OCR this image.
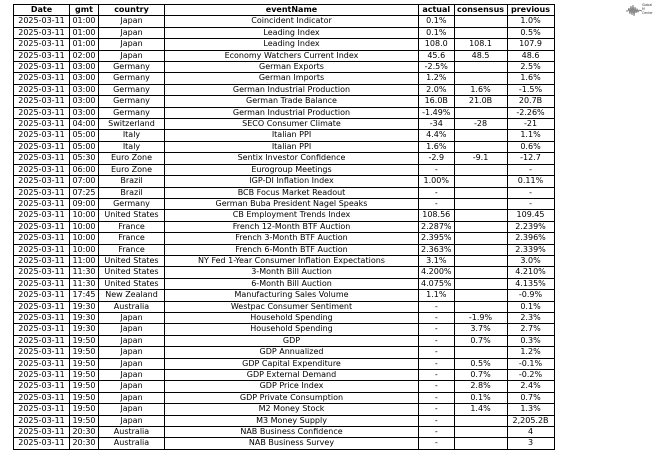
Date	gmt	country	eventName	actual	consensus	previous
2025-03-11	01:00	Japan	Coincident Indicator	0.1%		1.0%
2025-03-11	01:00	Japan	Leading Index	0.1%		0.5%
2025-03-11	01:00	Japan	Leading Index	108.0	108.1	107.9
2025-03-11	02:00	Japan	Economy Watchers Current Index	45.6	48.5	48.6
2025-03-11	03:00	Germany	German Exports	-2.5%		2.5%
2025-03-11	03:00	Germany	German Imports	1.2%		1.6%
2025-03-11	03:00	Germany	German Industrial Production	2.0%	1.6%	-1.5%
2025-03-11	03:00	Germany	German Trade Balance	16.0B	21.0B	20.7B
2025-03-11	03:00	Germany	German Industrial Production	-1.49%		-2.26%
2025-03-11	04:00	Switzerland	SECO Consumer Climate	-34	-28	-21
2025-03-11	05:00	Italy	Italian PPI	4.4%		1.1%
2025-03-11	05:00	Italy	Italian PPI	1.6%		0.6%
2025-03-11	05:30	Euro Zone	Sentix Investor Confidence	-2.9	-9.1	-12.7
2025-03-11	06:00	Euro Zone	Eurogroup Meetings	-		-
2025-03-11	07:00	Brazil	IGP-DI Inflation Index	1.00%		0.11%
2025-03-11	07:25	Brazil	BCB Focus Market Readout	-		-
2025-03-11	09:00	Germany	German Buba President Nagel Speaks	-		-
2025-03-11	10:00	United States	CB Employment Trends Index	108.56		109.45
2025-03-11	10:00	France	French 12-Month BTF Auction	2.287%		2.239%
2025-03-11	10:00	France	French 3-Month BTF Auction	2.395%		2.396%
2025-03-11	10:00	France	French 6-Month BTF Auction	2.363%		2.339%
2025-03-11	11:00	United States	NY Fed 1-Year Consumer Inflation Expectations	3.1%		3.0%
2025-03-11	11:30	United States	3-Month Bill Auction	4.200%		4.210%
2025-03-11	11:30	United States	6-Month Bill Auction	4.075%		4.135%
2025-03-11	17:45	New Zealand	Manufacturing Sales Volume	1.1%		-0.9%
2025-03-11	19:30	Australia	Westpac Consumer Sentiment	-		0.1%
2025-03-11	19:30	Japan	Household Spending	-	-1.9%	2.3%
2025-03-11	19:30	Japan	Household Spending	-	3.7%	2.7%
2025-03-11	19:50	Japan	GDP	-	0.7%	0.3%
2025-03-11	19:50	Japan	GDP Annualized	-		1.2%
2025-03-11	19:50	Japan	GDP Capital Expenditure	-	0.5%	-0.1%
2025-03-11	19:50	Japan	GDP External Demand	-	0.7%	-0.2%
2025-03-11	19:50	Japan	GDP Price Index	-	2.8%	2.4%
2025-03-11	19:50	Japan	GDP Private Consumption	-	0.1%	0.7%
2025-03-11	19:50	Japan	M2 Money Stock	-	1.4%	1.3%
2025-03-11	19:50	Japan	M3 Money Supply	-		2,205.2B
2025-03-11	20:30	Australia	NAB Business Confidence	-		4
2025-03-11	20:30	Australia	NAB Business Survey	-		3
Global
M
Center
